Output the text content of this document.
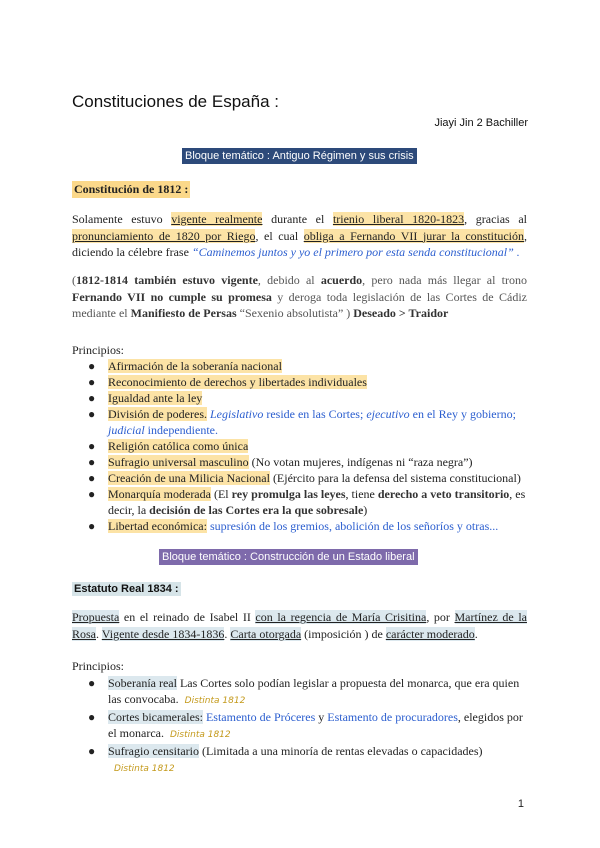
Constituciones de España :
Jiayi Jin 2 Bachiller
Bloque temático : Antiguo Régimen y sus crisis
Constitución de 1812 :
Solamente estuvo vigente realmente durante el trienio liberal 1820-1823, gracias al pronunciamiento de 1820 por Riego, el cual obliga a Fernando VII jurar la constitución, diciendo la célebre frase “Caminemos juntos y yo el primero por esta senda constitucional” .
(1812-1814 también estuvo vigente, debido al acuerdo, pero nada más llegar al trono Fernando VII no cumple su promesa y deroga toda legislación de las Cortes de Cádiz mediante el Manifiesto de Persas “Sexenio absolutista” ) Deseado > Traidor
Principios:
● Afirmación de la soberanía nacional
● Reconocimiento de derechos y libertades individuales
● Igualdad ante la ley
● División de poderes. Legislativo reside en las Cortes; ejecutivo en el Rey y gobierno; judicial independiente.
● Religión católica como única
● Sufragio universal masculino (No votan mujeres, indígenas ni “raza negra”)
● Creación de una Milicia Nacional (Ejército para la defensa del sistema constitucional)
● Monarquía moderada (El rey promulga las leyes, tiene derecho a veto transitorio, es decir, la decisión de las Cortes era la que sobresale)
● Libertad económica: supresión de los gremios, abolición de los señoríos y otras...
Bloque temático : Construcción de un Estado liberal
Estatuto Real 1834 :
Propuesta en el reinado de Isabel II con la regencia de María Crisitina, por Martínez de la Rosa. Vigente desde 1834-1836. Carta otorgada (imposición ) de carácter moderado.
Principios:
● Soberanía real Las Cortes solo podían legislar a propuesta del monarca, que era quien las convocaba. Distinta 1812
● Cortes bicamerales: Estamento de Próceres y Estamento de procuradores, elegidos por el monarca. Distinta 1812
● Sufragio censitario (Limitada a una minoría de rentas elevadas o capacidades)
Distinta 1812
1
